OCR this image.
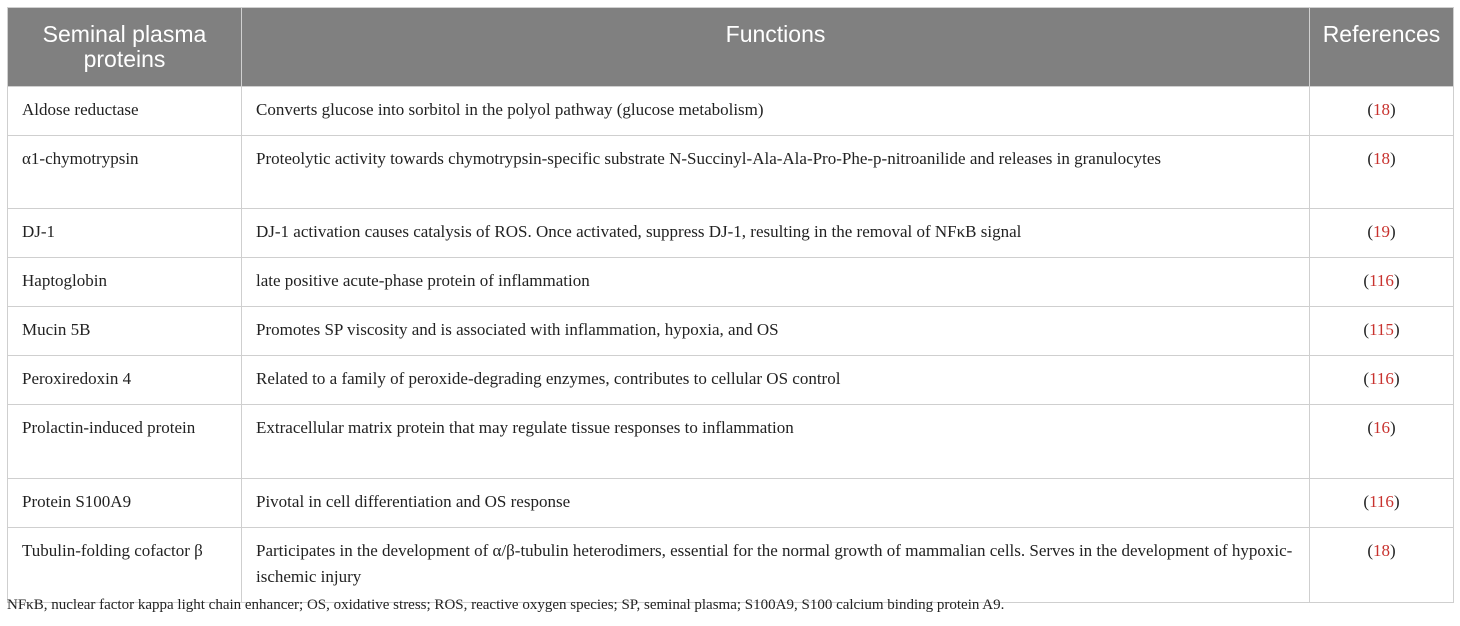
Seminal plasma proteins	Functions	References
Aldose reductase	Converts glucose into sorbitol in the polyol pathway (glucose metabolism)	(18)
α1-chymotrypsin	Proteolytic activity towards chymotrypsin-specific substrate N-Succinyl-Ala-Ala-Pro-Phe-p-nitroanilide and releases in granulocytes	(18)
DJ-1	DJ-1 activation causes catalysis of ROS. Once activated, suppress DJ-1, resulting in the removal of NFκB signal	(19)
Haptoglobin	late positive acute-phase protein of inflammation	(116)
Mucin 5B	Promotes SP viscosity and is associated with inflammation, hypoxia, and OS	(115)
Peroxiredoxin 4	Related to a family of peroxide-degrading enzymes, contributes to cellular OS control	(116)
Prolactin-induced protein	Extracellular matrix protein that may regulate tissue responses to inflammation	(16)
Protein S100A9	Pivotal in cell differentiation and OS response	(116)
Tubulin-folding cofactor β	Participates in the development of α/β-tubulin heterodimers, essential for the normal growth of mammalian cells. Serves in the development of hypoxic-ischemic injury	(18)
NFκB, nuclear factor kappa light chain enhancer; OS, oxidative stress; ROS, reactive oxygen species; SP, seminal plasma; S100A9, S100 calcium binding protein A9.
